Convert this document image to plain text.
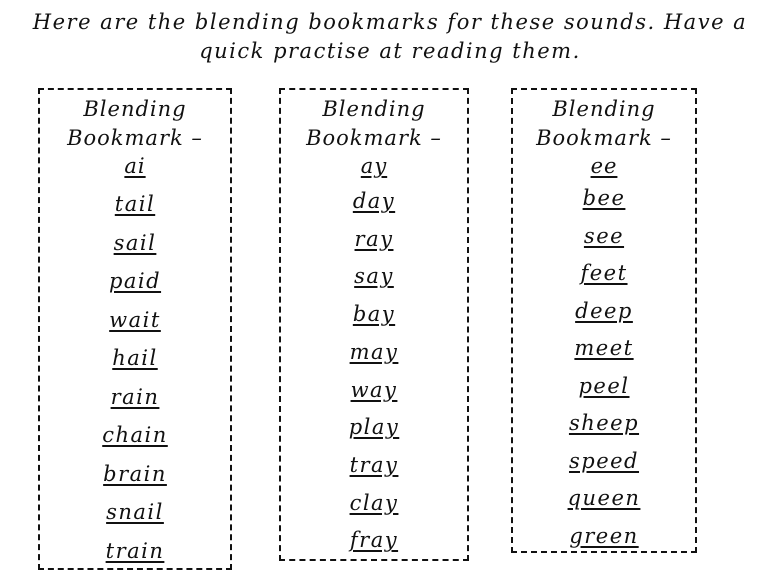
Here are the blending bookmarks for these sounds. Have a
quick practise at reading them.
Blending
Bookmark –
ai
tail
sail
paid
wait
hail
rain
chain
brain
snail
train
Blending
Bookmark –
ay
day
ray
say
bay
may
way
play
tray
clay
fray
Blending
Bookmark –
ee
bee
see
feet
deep
meet
peel
sheep
speed
queen
green
